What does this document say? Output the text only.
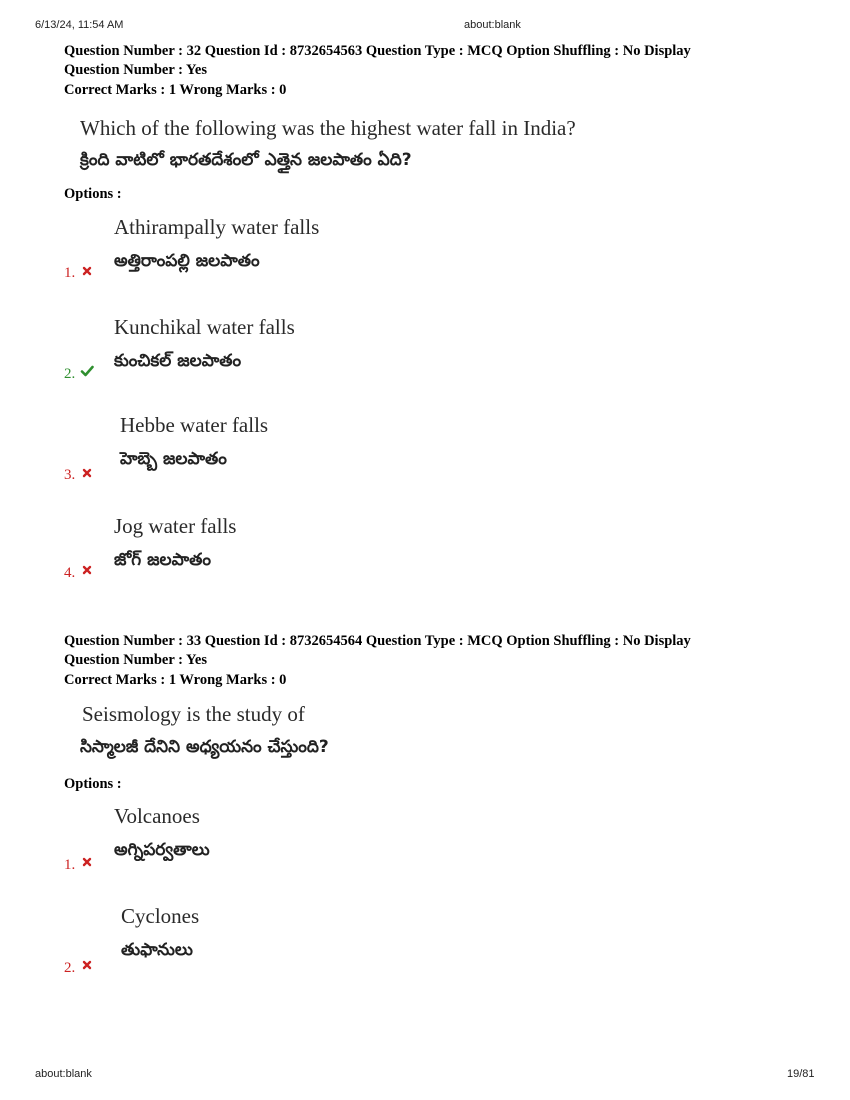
6/13/24, 11:54 AM	about:blank
Question Number : 32 Question Id : 8732654563 Question Type : MCQ Option Shuffling : No Display
Question Number : Yes
Correct Marks : 1 Wrong Marks : 0
Which of the following was the highest water fall in India?
క్రింది వాటిలో భారతదేశంలో ఎత్తైన జలపాతం ఏది?
Options :
Athirampally water falls
అత్తిరాంపల్లి జలపాతం
1.
Kunchikal water falls
కుంచికల్ జలపాతం
2.
Hebbe water falls
హెబ్బె జలపాతం
3.
Jog water falls
జోగ్ జలపాతం
4.
Question Number : 33 Question Id : 8732654564 Question Type : MCQ Option Shuffling : No Display
Question Number : Yes
Correct Marks : 1 Wrong Marks : 0
Seismology is the study of
సిస్మాలజీ దేనిని అధ్యయనం చేస్తుంది?
Options :
Volcanoes
అగ్నిపర్వతాలు
1.
Cyclones
తుఫానులు
2.
about:blank	19/81
